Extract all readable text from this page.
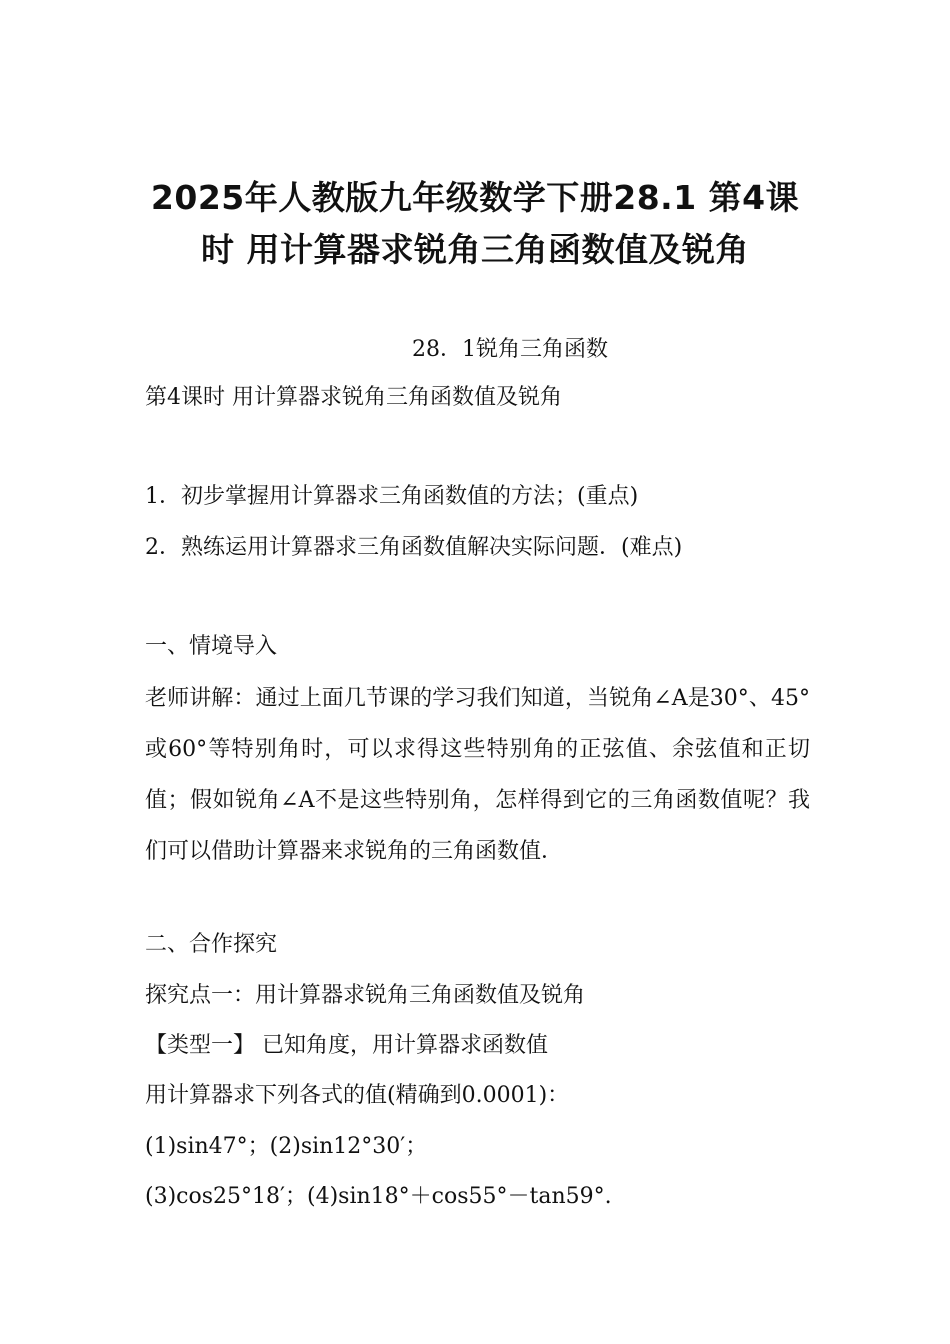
2025年人教版九年级数学下册28.1 第4课
时 用计算器求锐角三角函数值及锐角
28．1锐角三角函数
第4课时 用计算器求锐角三角函数值及锐角
1．初步掌握用计算器求三角函数值的方法；(重点)
2．熟练运用计算器求三角函数值解决实际问题．(难点)
一、情境导入
老师讲解：通过上面几节课的学习我们知道，当锐角∠A是30°、45°或60°等特别角时，可以求得这些特别角的正弦值、余弦值和正切值；假如锐角∠A不是这些特别角，怎样得到它的三角函数值呢？我们可以借助计算器来求锐角的三角函数值．
二、合作探究
探究点一：用计算器求锐角三角函数值及锐角
【类型一】 已知角度，用计算器求函数值
用计算器求下列各式的值(精确到0.0001)：
(1)sin47°；(2)sin12°30′；
(3)cos25°18′；(4)sin18°＋cos55°－tan59°.
